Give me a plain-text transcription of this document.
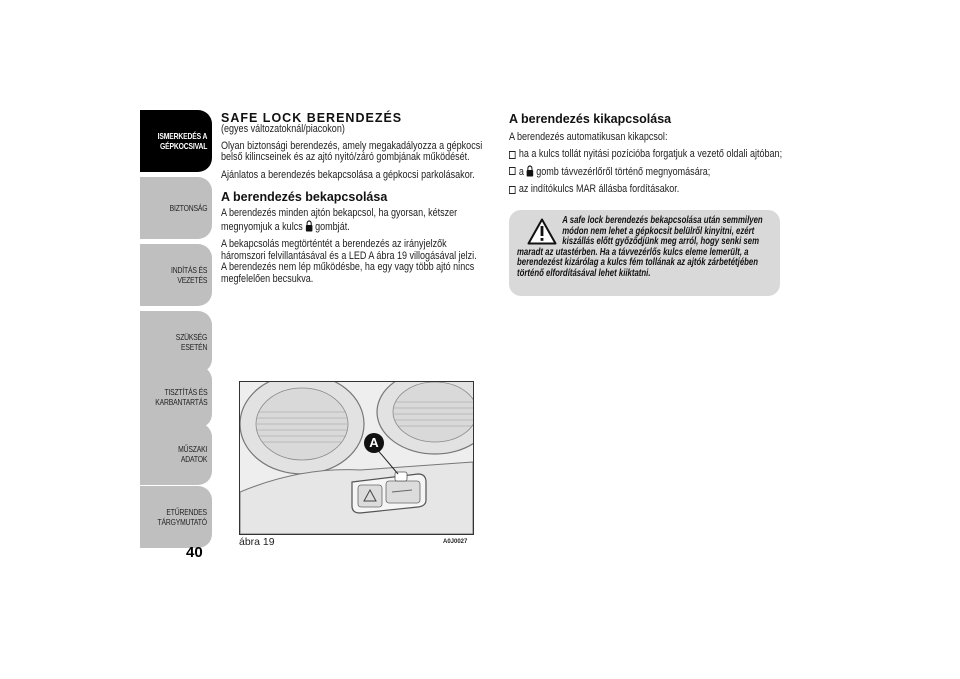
ISMERKEDÉS A
GÉPKOCSIVAL
BIZTONSÁG
INDÍTÁS ÉS VEZETÉS
SZÜKSÉG ESETÉN
TISZTÍTÁS ÉS
KARBANTARTÁS
MŰSZAKI ADATOK
ETŰRENDES
TÁRGYMUTATÓ
40
SAFE LOCK BERENDEZÉS

(egyes változatoknál/piacokon)

Olyan biztonsági berendezés, amely megakadályozza a gépkocsi belső kilincseinek és az ajtó nyitó/záró gombjának működését.

Ajánlatos a berendezés bekapcsolása a gépkocsi parkolásakor.

A berendezés bekapcsolása

A berendezés minden ajtón bekapcsol, ha gyorsan, kétszer megnyomjuk a kulcs gombját.

A bekapcsolás megtörténtét a berendezés az irányjelzők háromszori felvillantásával és a LED A ábra 19 villogásával jelzi. A berendezés nem lép működésbe, ha egy vagy több ajtó nincs megfelelően becsukva.

A berendezés kikapcsolása

A berendezés automatikusan kikapcsol:

ha a kulcs tollát nyitási pozícióba forgatjuk a vezető oldali ajtóban;
a gomb távvezérlőről történő megnyomására;
az indítókulcs MAR állásba fordításakor.
A safe lock berendezés bekapcsolása után semmilyen
módon nem lehet a gépkocsit belülről kinyitni, ezért
kiszállás előtt győződjünk meg arról, hogy senki sem
maradt az utastérben. Ha a távvezérlős kulcs eleme lemerült, a berendezést kizárólag a kulcs fém tollának az ajtók zárbetétjében történő elfordításával lehet kiiktatni.
A
ábra 19	A0J0027
